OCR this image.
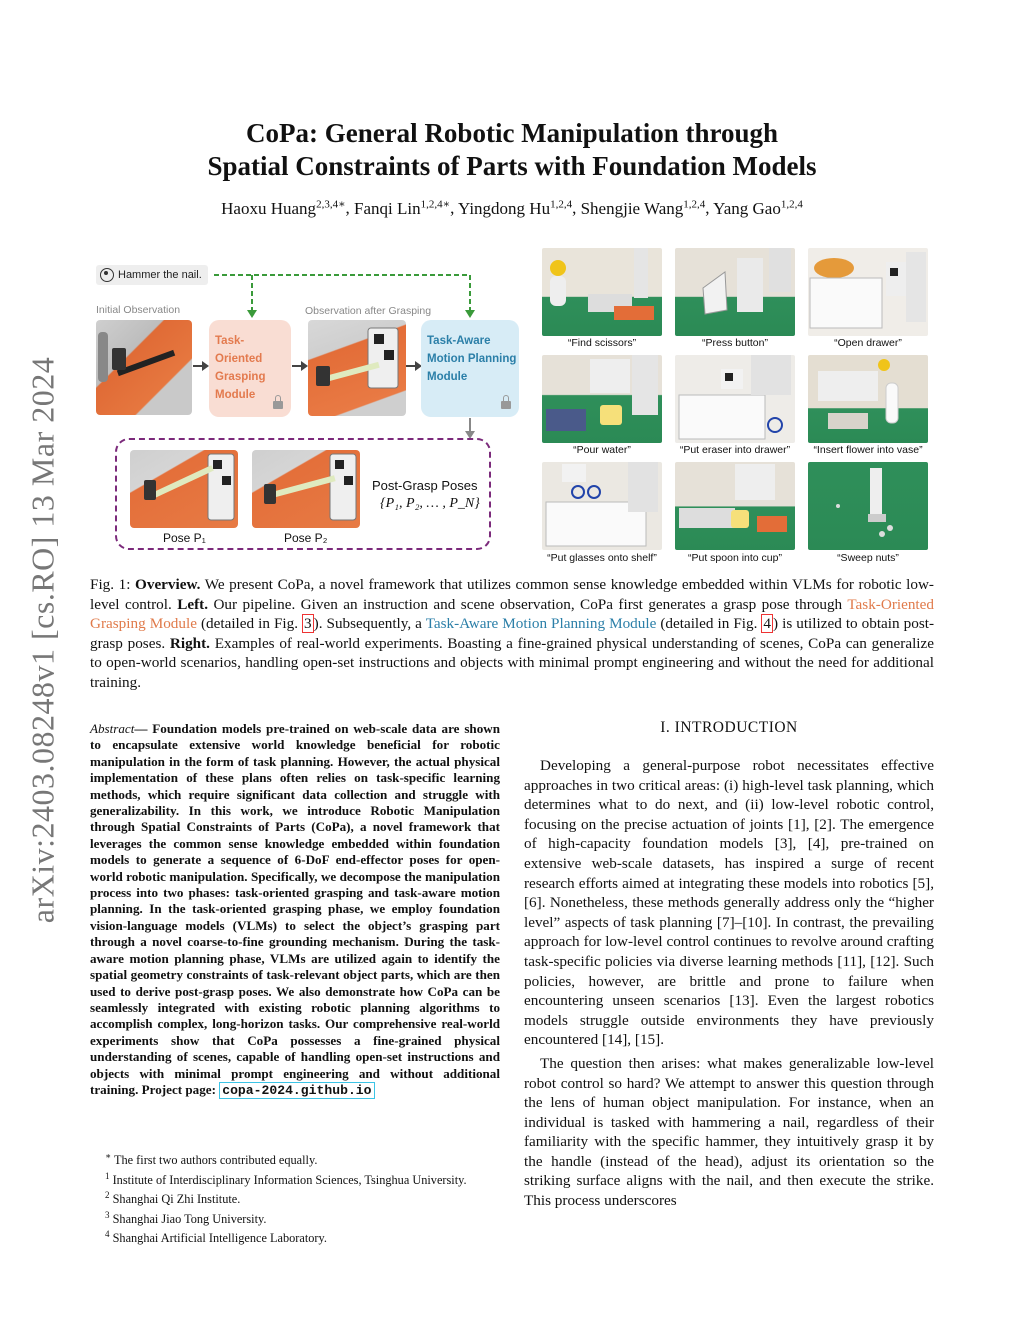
arXiv:2403.08248v1 [cs.RO] 13 Mar 2024
CoPa: General Robotic Manipulation through
Spatial Constraints of Parts with Foundation Models
Haoxu Huang$^{2,3,4∗}$, Fanqi Lin$^{1,2,4∗}$, Yingdong Hu$^{1,2,4}$, Shengjie Wang$^{1,2,4}$, Yang Gao$^{1,2,4}$
Hammer the nail.
Initial Observation	Observation after Grasping
Task-Oriented
Grasping
Module
Task-Aware
Motion Planning
Module
Pose P₁	Pose P₂
Post-Grasp Poses
{P₁, P₂, … , P_N}
“Find scissors”	“Press button”	“Open drawer”
“Pour water”	“Put eraser into drawer”	“Insert flower into vase”
“Put glasses onto shelf”	“Put spoon into cup”	“Sweep nuts”
Fig. 1: Overview. We present CoPa, a novel framework that utilizes common sense knowledge embedded within VLMs for robotic low-level control. Left. Our pipeline. Given an instruction and scene observation, CoPa first generates a grasp pose through Task-Oriented Grasping Module (detailed in Fig. 3 ). Subsequently, a Task-Aware Motion Planning Module (detailed in Fig. 4 ) is utilized to obtain post-grasp poses. Right. Examples of real-world experiments. Boasting a fine-grained physical understanding of scenes, CoPa can generalize to open-world scenarios, handling open-set instructions and objects with minimal prompt engineering and without the need for additional training.
Abstract— Foundation models pre-trained on web-scale data are shown to encapsulate extensive world knowledge beneficial for robotic manipulation in the form of task planning. However, the actual physical implementation of these plans often relies on task-specific learning methods, which require significant data collection and struggle with generalizability. In this work, we introduce Robotic Manipulation through Spatial Constraints of Parts (CoPa), a novel framework that leverages the common sense knowledge embedded within foundation models to generate a sequence of 6-DoF end-effector poses for open-world robotic manipulation. Specifically, we decompose the manipulation process into two phases: task-oriented grasping and task-aware motion planning. In the task-oriented grasping phase, we employ foundation vision-language models (VLMs) to select the object’s grasping part through a novel coarse-to-fine grounding mechanism. During the task-aware motion planning phase, VLMs are utilized again to identify the spatial geometry constraints of task-relevant object parts, which are then used to derive post-grasp poses. We also demonstrate how CoPa can be seamlessly integrated with existing robotic planning algorithms to accomplish complex, long-horizon tasks. Our comprehensive real-world experiments show that CoPa possesses a fine-grained physical understanding of scenes, capable of handling open-set instructions and objects with minimal prompt engineering and without additional training. Project page: copa-2024.github.io
∗ The first two authors contributed equally.
$^1$ Institute of Interdisciplinary Information Sciences, Tsinghua University.
$^2$ Shanghai Qi Zhi Institute.
$^3$ Shanghai Jiao Tong University.
$^4$ Shanghai Artificial Intelligence Laboratory.
I. INTRODUCTION

Developing a general-purpose robot necessitates effective approaches in two critical areas: (i) high-level task planning, which determines what to do next, and (ii) low-level robotic control, focusing on the precise actuation of joints [1], [2]. The emergence of high-capacity foundation models [3], [4], pre-trained on extensive web-scale datasets, has inspired a surge of recent research efforts aimed at integrating these models into robotics [5], [6]. Nonetheless, these methods generally address only the “higher level” aspects of task planning [7]–[10]. In contrast, the prevailing approach for low-level control continues to revolve around crafting task-specific policies via diverse learning methods [11], [12]. Such policies, however, are brittle and prone to failure when encountering unseen scenarios [13]. Even the largest robotics models struggle outside environments they have previously encountered [14], [15].

The question then arises: what makes generalizable low-level robot control so hard? We attempt to answer this question through the lens of human object manipulation. For instance, when an individual is tasked with hammering a nail, regardless of their familiarity with the specific hammer, they intuitively grasp it by the handle (instead of the head), adjust its orientation so the striking surface aligns with the nail, and then execute the strike. This process underscores
